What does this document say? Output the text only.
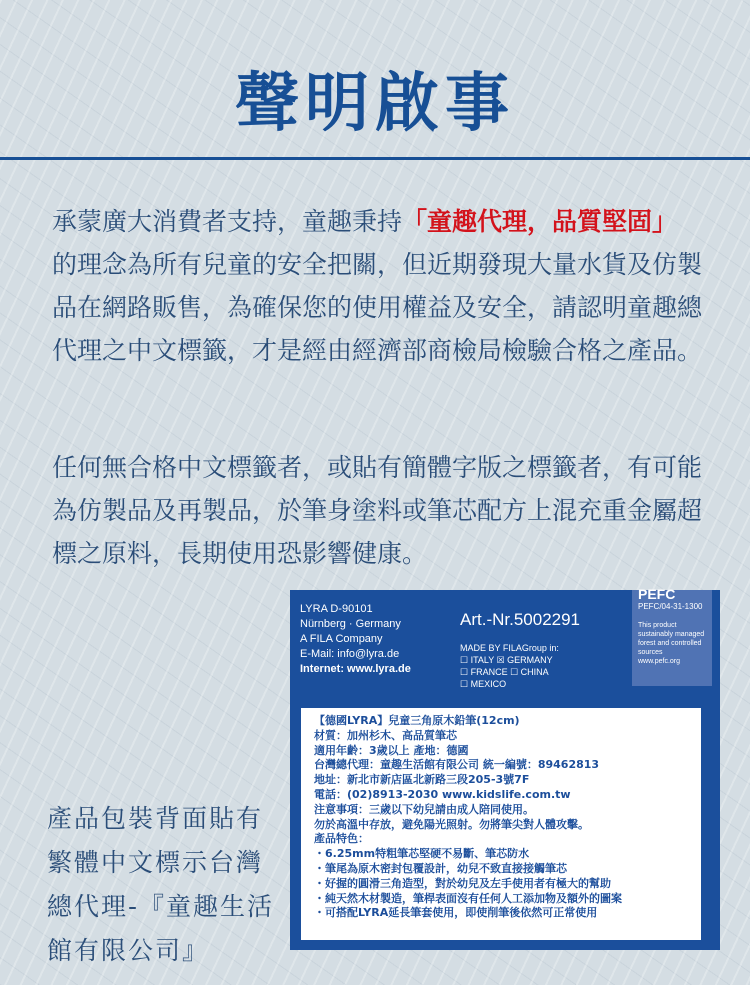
聲明啟事
承蒙廣大消費者支持，童趣秉持「童趣代理，品質堅固」的理念為所有兒童的安全把關，但近期發現大量水貨及仿製品在網路販售，為確保您的使用權益及安全，請認明童趣總代理之中文標籤，才是經由經濟部商檢局檢驗合格之產品。
任何無合格中文標籤者，或貼有簡體字版之標籤者，有可能為仿製品及再製品，於筆身塗料或筆芯配方上混充重金屬超標之原料，長期使用恐影響健康。
產品包裝背面貼有繁體中文標示台灣總代理-『童趣生活館有限公司』
LYRA D-90101
Nürnberg · Germany
A FILA Company
E-Mail: info@lyra.de
Internet: www.lyra.de
Art.-Nr.5002291
MADE BY FILAGroup in:
☐ ITALY ☒ GERMANY
☐ FRANCE ☐ CHINA
☐ MEXICO
PEFC
PEFC/04-31-1300
This product sustainably managed forest and controlled sources
www.pefc.org
【德國LYRA】兒童三角原木鉛筆(12cm)
材質：加州杉木、高品質筆芯
適用年齡：3歲以上 產地：德國
台灣總代理：童趣生活館有限公司 統一編號：89462813
地址：新北市新店區北新路三段205-3號7F
電話：(02)8913-2030 www.kidslife.com.tw
注意事項：三歲以下幼兒請由成人陪同使用。
勿於高溫中存放，避免陽光照射。勿將筆尖對人體攻擊。
產品特色：
・6.25mm特粗筆芯堅硬不易斷、筆芯防水
・筆尾為原木密封包覆設計，幼兒不致直接接觸筆芯
・好握的圓滑三角造型，對於幼兒及左手使用者有極大的幫助
・純天然木材製造，筆桿表面沒有任何人工添加物及額外的圖案
・可搭配LYRA延長筆套使用，即使削筆後依然可正常使用
